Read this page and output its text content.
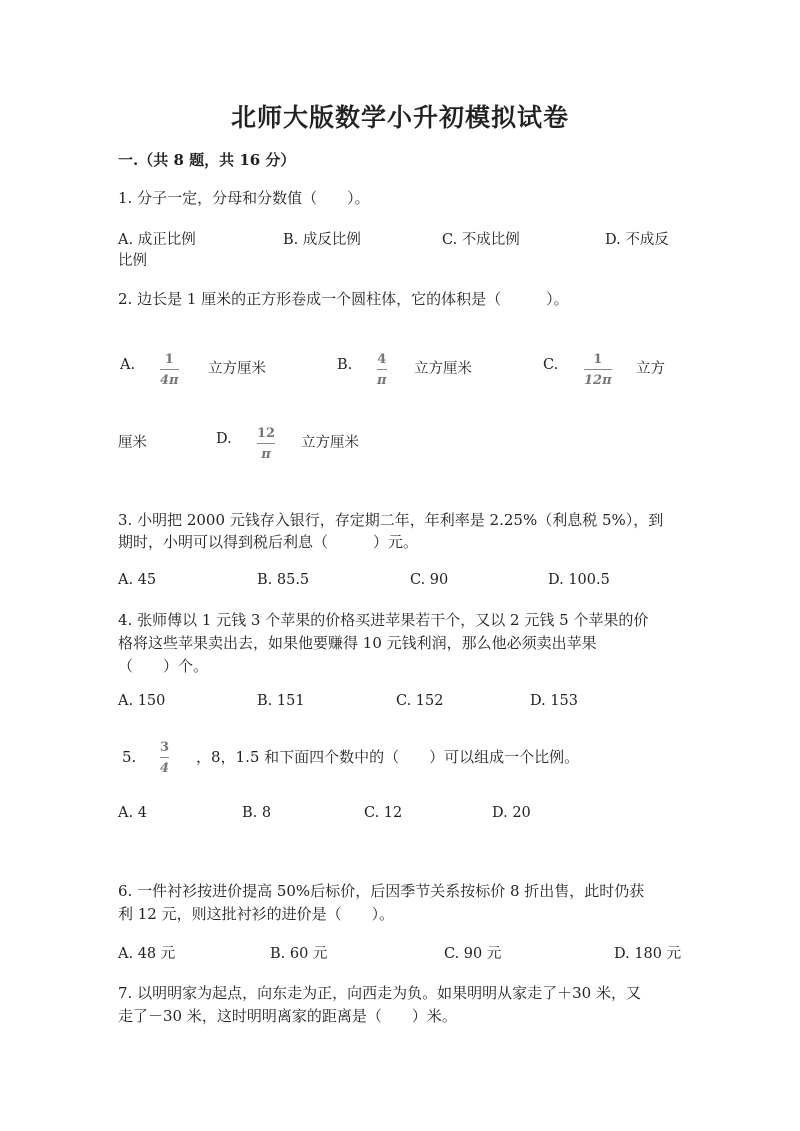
北师大版数学小升初模拟试卷
一.（共 8 题，共 16 分）
1. 分子一定，分母和分数值（　　）。
A. 成正比例	B. 成反比例	C. 不成比例	D. 不成反
比例
2. 边长是 1 厘米的正方形卷成一个圆柱体，它的体积是（　　　）。
A. 1
4π
立方厘米	B. 4
π
立方厘米	C.	1
12π
立方
厘米	D. 12
π
立方厘米
3. 小明把 2000 元钱存入银行，存定期二年，年利率是 2.25%（利息税 5%），到
期时，小明可以得到税后利息（　　　）元。
A. 45	B. 85.5	C. 90	D. 100.5
4. 张师傅以 1 元钱 3 个苹果的价格买进苹果若干个，又以 2 元钱 5 个苹果的价
格将这些苹果卖出去，如果他要赚得 10 元钱利润，那么他必须卖出苹果
（　　）个。
A. 150	B. 151	C. 152	D. 153
5.
3
4
，8，1.5 和下面四个数中的（　　）可以组成一个比例。
A. 4	B. 8	C. 12	D. 20
6. 一件衬衫按进价提高 50%后标价，后因季节关系按标价 8 折出售，此时仍获
利 12 元，则这批衬衫的进价是（　　）。
A. 48 元	B. 60 元	C. 90 元	D. 180 元
7. 以明明家为起点，向东走为正，向西走为负。如果明明从家走了＋30 米，又
走了－30 米，这时明明离家的距离是（　　）米。
